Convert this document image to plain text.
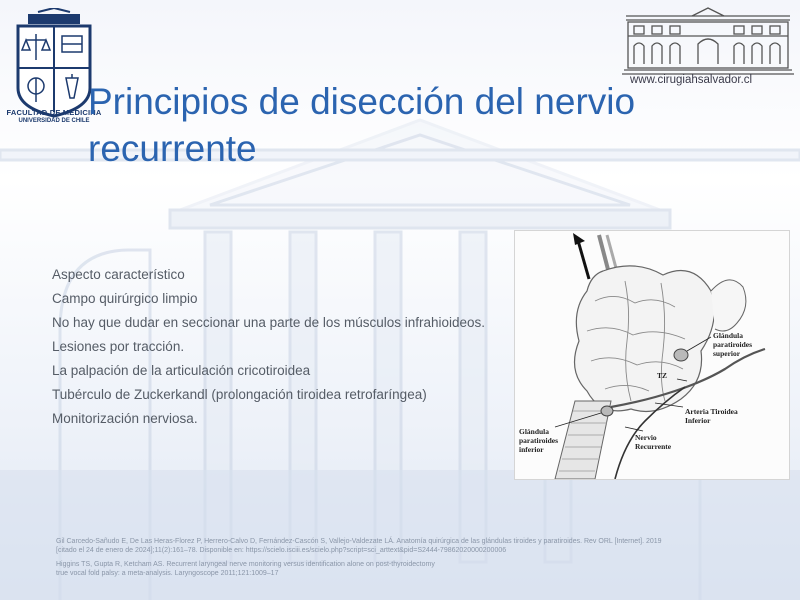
FACULTAD DE MEDICINA
UNIVERSIDAD DE CHILE
www.cirugiahsalvador.cl
Principios de disección del nervio
recurrente
Aspecto característico
Campo quirúrgico limpio
No hay que dudar en seccionar una parte de los músculos infrahioideos.
Lesiones por tracción.
La palpación de la articulación cricotiroidea
Tubérculo de Zuckerkandl (prolongación tiroidea retrofaríngea)
Monitorización nerviosa.
Glándula
paratiroides
superior
TZ
Arteria Tiroidea
Inferior
Glándula
paratiroides
inferior
Nervio
Recurrente

Gil Carcedo-Sañudo E, De Las Heras-Florez P, Herrero-Calvo D, Fernández-Cascón S, Vallejo-Valdezate LÁ. Anatomía quirúrgica de las glándulas tiroides y paratiroides. Rev ORL [Internet]. 2019

[citado el 24 de enero de 2024];11(2):161–78. Disponible en: https://scielo.isciii.es/scielo.php?script=sci_arttext&pid=S2444-79862020000200006

Higgins TS, Gupta R, Ketcham AS. Recurrent laryngeal nerve monitoring versus identification alone on post-thyroidectomy

true vocal fold palsy: a meta-analysis. Laryngoscope 2011;121:1009–17
